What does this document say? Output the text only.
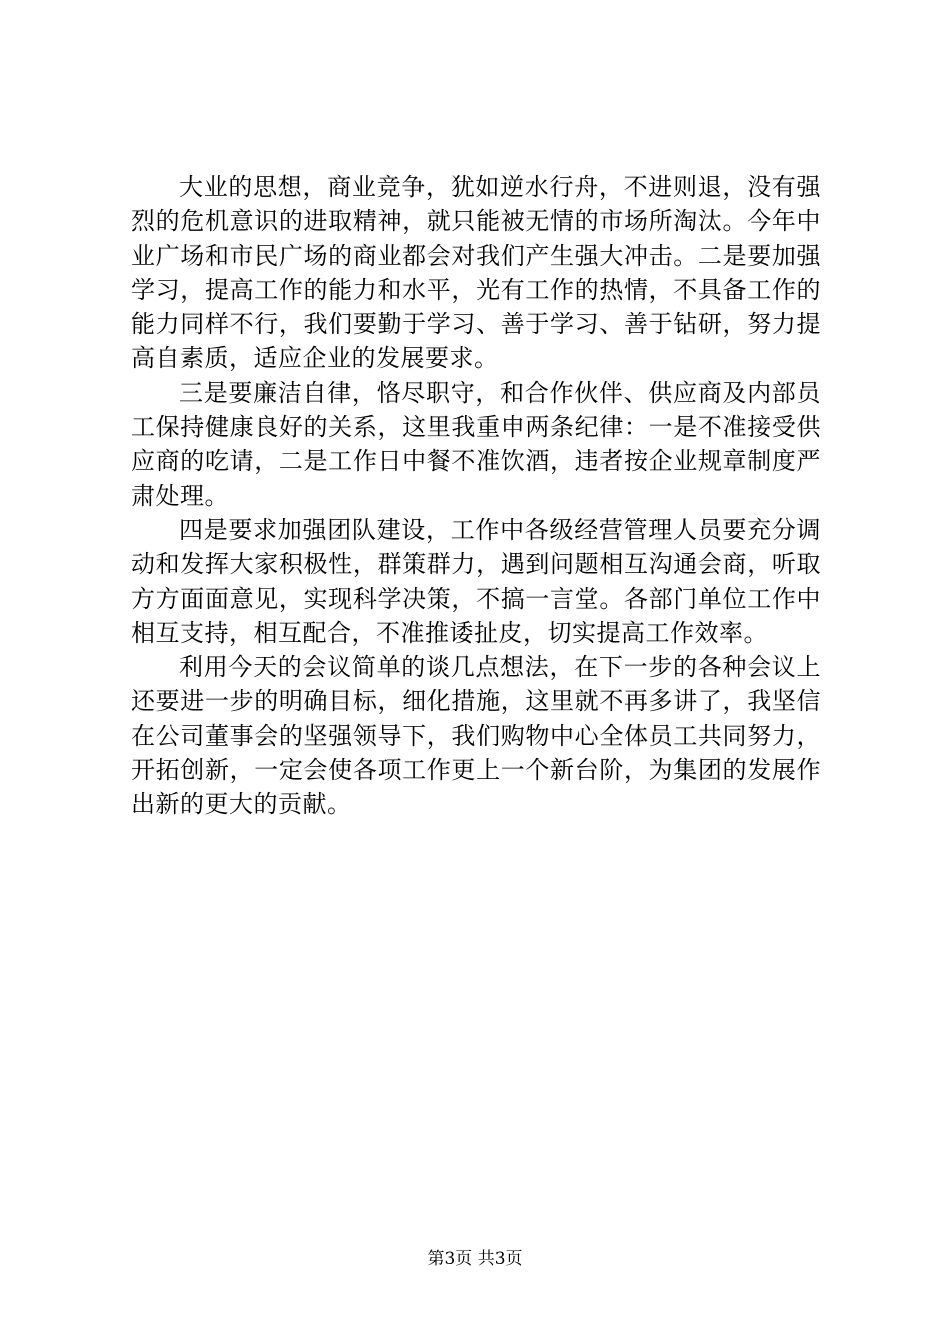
大业的思想，商业竞争，犹如逆水行舟，不进则退，没有强烈的危机意识的进取精神，就只能被无情的市场所淘汰。今年中业广场和市民广场的商业都会对我们产生强大冲击。二是要加强学习，提高工作的能力和水平，光有工作的热情，不具备工作的能力同样不行，我们要勤于学习、善于学习、善于钻研，努力提高自素质，适应企业的发展要求。

三是要廉洁自律，恪尽职守，和合作伙伴、供应商及内部员工保持健康良好的关系，这里我重申两条纪律：一是不准接受供应商的吃请，二是工作日中餐不准饮酒，违者按企业规章制度严肃处理。

四是要求加强团队建设，工作中各级经营管理人员要充分调动和发挥大家积极性，群策群力，遇到问题相互沟通会商，听取方方面面意见，实现科学决策，不搞一言堂。各部门单位工作中相互支持，相互配合，不准推诿扯皮，切实提高工作效率。

利用今天的会议简单的谈几点想法，在下一步的各种会议上还要进一步的明确目标，细化措施，这里就不再多讲了，我坚信在公司董事会的坚强领导下，我们购物中心全体员工共同努力，开拓创新，一定会使各项工作更上一个新台阶，为集团的发展作出新的更大的贡献。

第3页 共3页
